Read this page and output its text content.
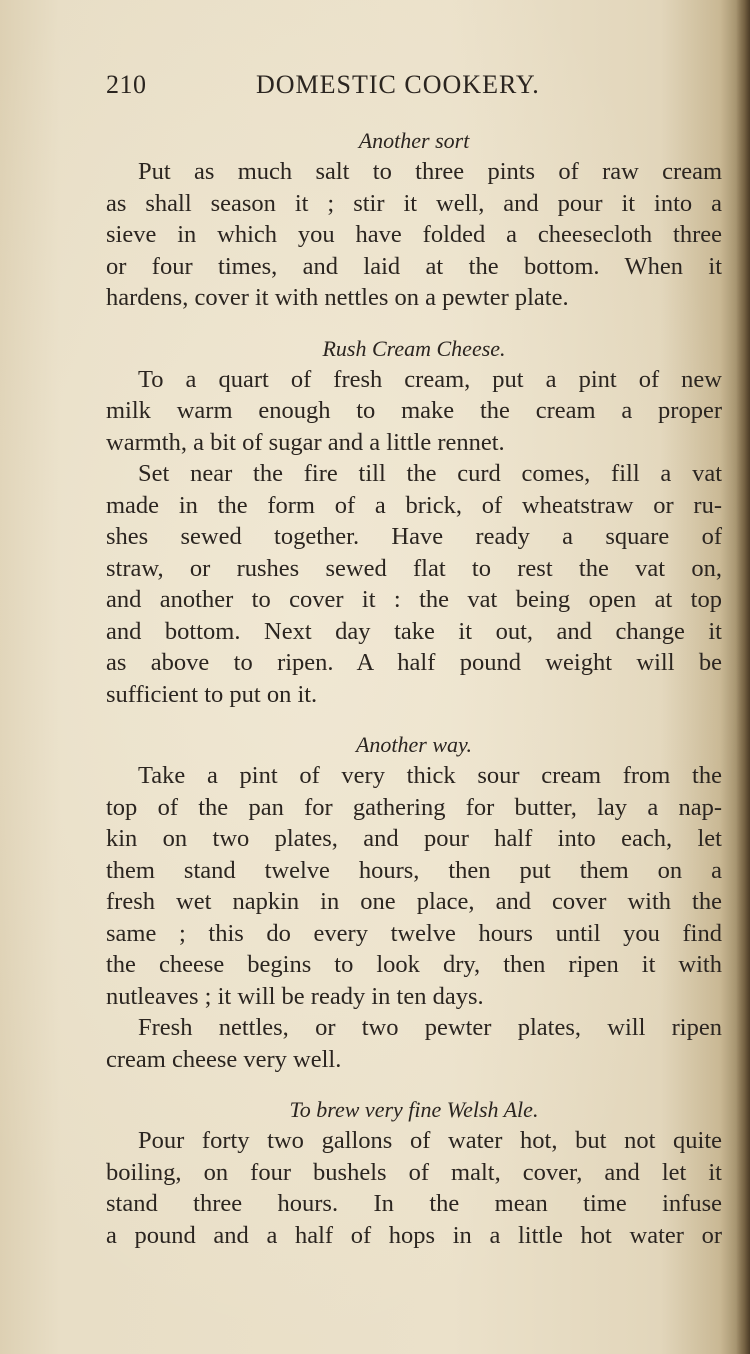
210	DOMESTIC COOKERY.
Another sort
Put as much salt to three pints of raw cream
as shall season it ; stir it well, and pour it into a
sieve in which you have folded a cheesecloth three
or four times, and laid at the bottom. When it
hardens, cover it with nettles on a pewter plate.
Rush Cream Cheese.
To a quart of fresh cream, put a pint of new
milk warm enough to make the cream a proper
warmth, a bit of sugar and a little rennet.
Set near the fire till the curd comes, fill a vat
made in the form of a brick, of wheatstraw or ru-
shes sewed together. Have ready a square of
straw, or rushes sewed flat to rest the vat on,
and another to cover it : the vat being open at top
and bottom. Next day take it out, and change it
as above to ripen. A half pound weight will be
sufficient to put on it.
Another way.
Take a pint of very thick sour cream from the
top of the pan for gathering for butter, lay a nap-
kin on two plates, and pour half into each, let
them stand twelve hours, then put them on a
fresh wet napkin in one place, and cover with the
same ; this do every twelve hours until you find
the cheese begins to look dry, then ripen it with
nutleaves ; it will be ready in ten days.
Fresh nettles, or two pewter plates, will ripen
cream cheese very well.
To brew very fine Welsh Ale.
Pour forty two gallons of water hot, but not quite
boiling, on four bushels of malt, cover, and let it
stand three hours. In the mean time infuse
a pound and a half of hops in a little hot water or
